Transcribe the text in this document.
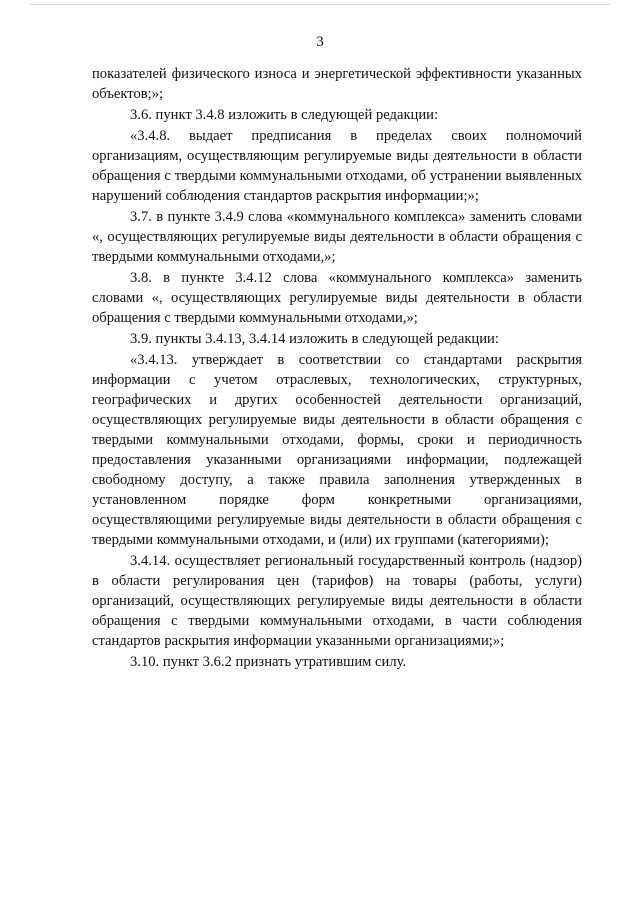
3

показателей физического износа и энергетической эффективности указанных объектов;»;

3.6. пункт 3.4.8 изложить в следующей редакции:

«3.4.8. выдает предписания в пределах своих полномочий организациям, осуществляющим регулируемые виды деятельности в области обращения с твердыми коммунальными отходами, об устранении выявленных нарушений соблюдения стандартов раскрытия информации;»;

3.7. в пункте 3.4.9 слова «коммунального комплекса» заменить словами «, осуществляющих регулируемые виды деятельности в области обращения с твердыми коммунальными отходами,»;

3.8. в пункте 3.4.12 слова «коммунального комплекса» заменить словами «, осуществляющих регулируемые виды деятельности в области обращения с твердыми коммунальными отходами,»;

3.9. пункты 3.4.13, 3.4.14 изложить в следующей редакции:

«3.4.13. утверждает в соответствии со стандартами раскрытия информации с учетом отраслевых, технологических, структурных, географических и других особенностей деятельности организаций, осуществляющих регулируемые виды деятельности в области обращения с твердыми коммунальными отходами, формы, сроки и периодичность предоставления указанными организациями информации, подлежащей свободному доступу, а также правила заполнения утвержденных в установленном порядке форм конкретными организациями, осуществляющими регулируемые виды деятельности в области обращения с твердыми коммунальными отходами, и (или) их группами (категориями);

3.4.14. осуществляет региональный государственный контроль (надзор) в области регулирования цен (тарифов) на товары (работы, услуги) организаций, осуществляющих регулируемые виды деятельности в области обращения с твердыми коммунальными отходами, в части соблюдения стандартов раскрытия информации указанными организациями;»;

3.10. пункт 3.6.2 признать утратившим силу.
